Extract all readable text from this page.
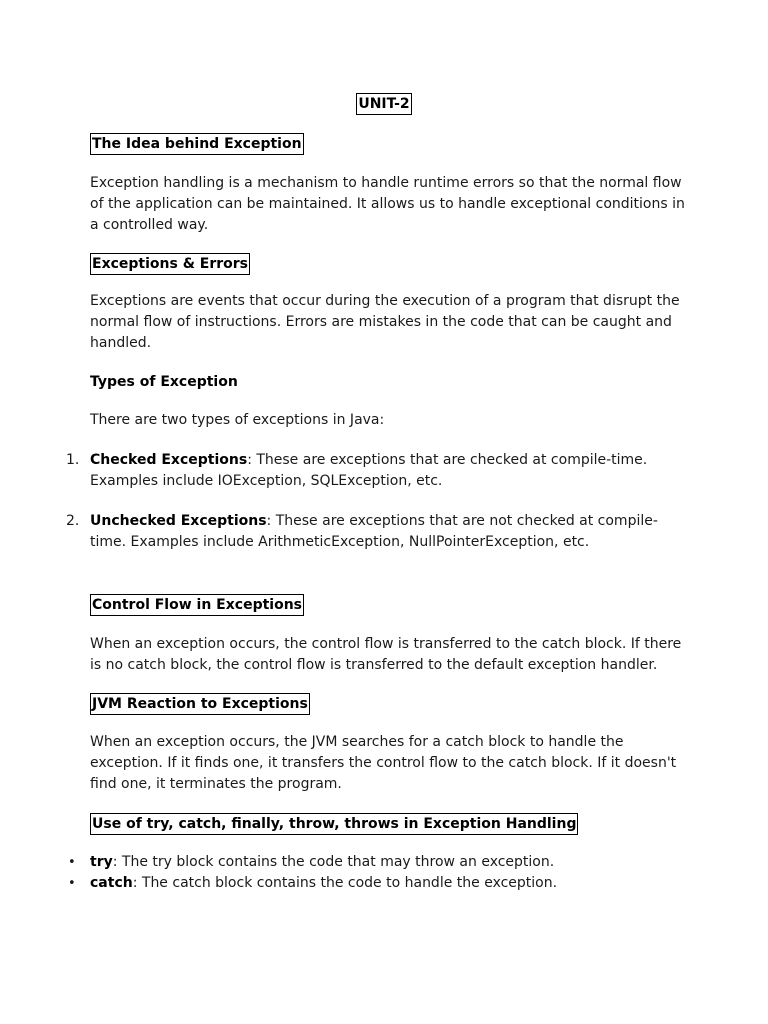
UNIT-2
The Idea behind Exception
Exception handling is a mechanism to handle runtime errors so that the normal flow of the application can be maintained. It allows us to handle exceptional conditions in a controlled way.
Exceptions & Errors
Exceptions are events that occur during the execution of a program that disrupt the normal flow of instructions. Errors are mistakes in the code that can be caught and handled.
Types of Exception
There are two types of exceptions in Java:
1. Checked Exceptions: These are exceptions that are checked at compile-time. Examples include IOException, SQLException, etc.
2. Unchecked Exceptions: These are exceptions that are not checked at compile-time. Examples include ArithmeticException, NullPointerException, etc.
Control Flow in Exceptions
When an exception occurs, the control flow is transferred to the catch block. If there is no catch block, the control flow is transferred to the default exception handler.
JVM Reaction to Exceptions
When an exception occurs, the JVM searches for a catch block to handle the exception. If it finds one, it transfers the control flow to the catch block. If it doesn't find one, it terminates the program.
Use of try, catch, finally, throw, throws in Exception Handling
• try: The try block contains the code that may throw an exception.
• catch: The catch block contains the code to handle the exception.
